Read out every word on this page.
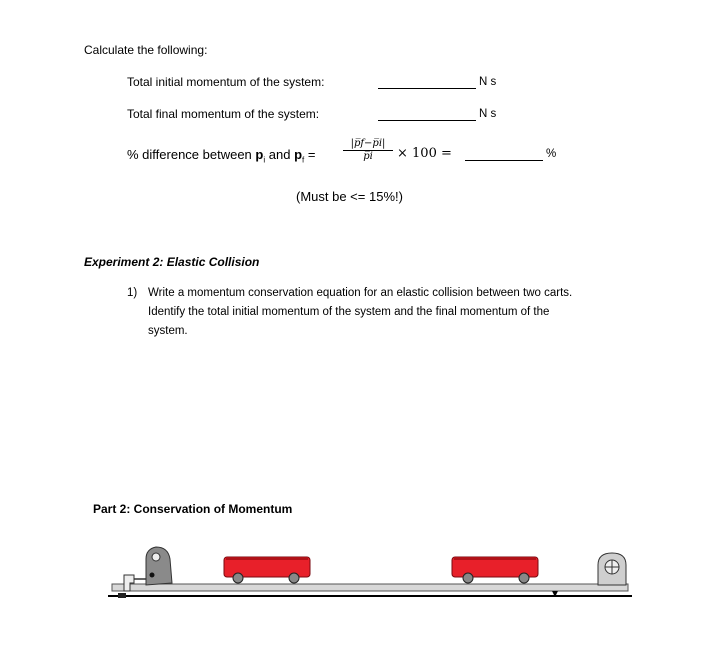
Calculate the following:
Total initial momentum of the system:	N s
Total final momentum of the system:	N s
% difference between $p_i$ and $p_f$ =	$\frac{|p̅f-p̅i|}{p̅i} \times 100$ =	%
(Must be <= 15%!)
Experiment 2: Elastic Collision
1) Write a momentum conservation equation for an elastic collision between two carts.
Identify the total initial momentum of the system and the final momentum of the
system.
Part 2: Conservation of Momentum
